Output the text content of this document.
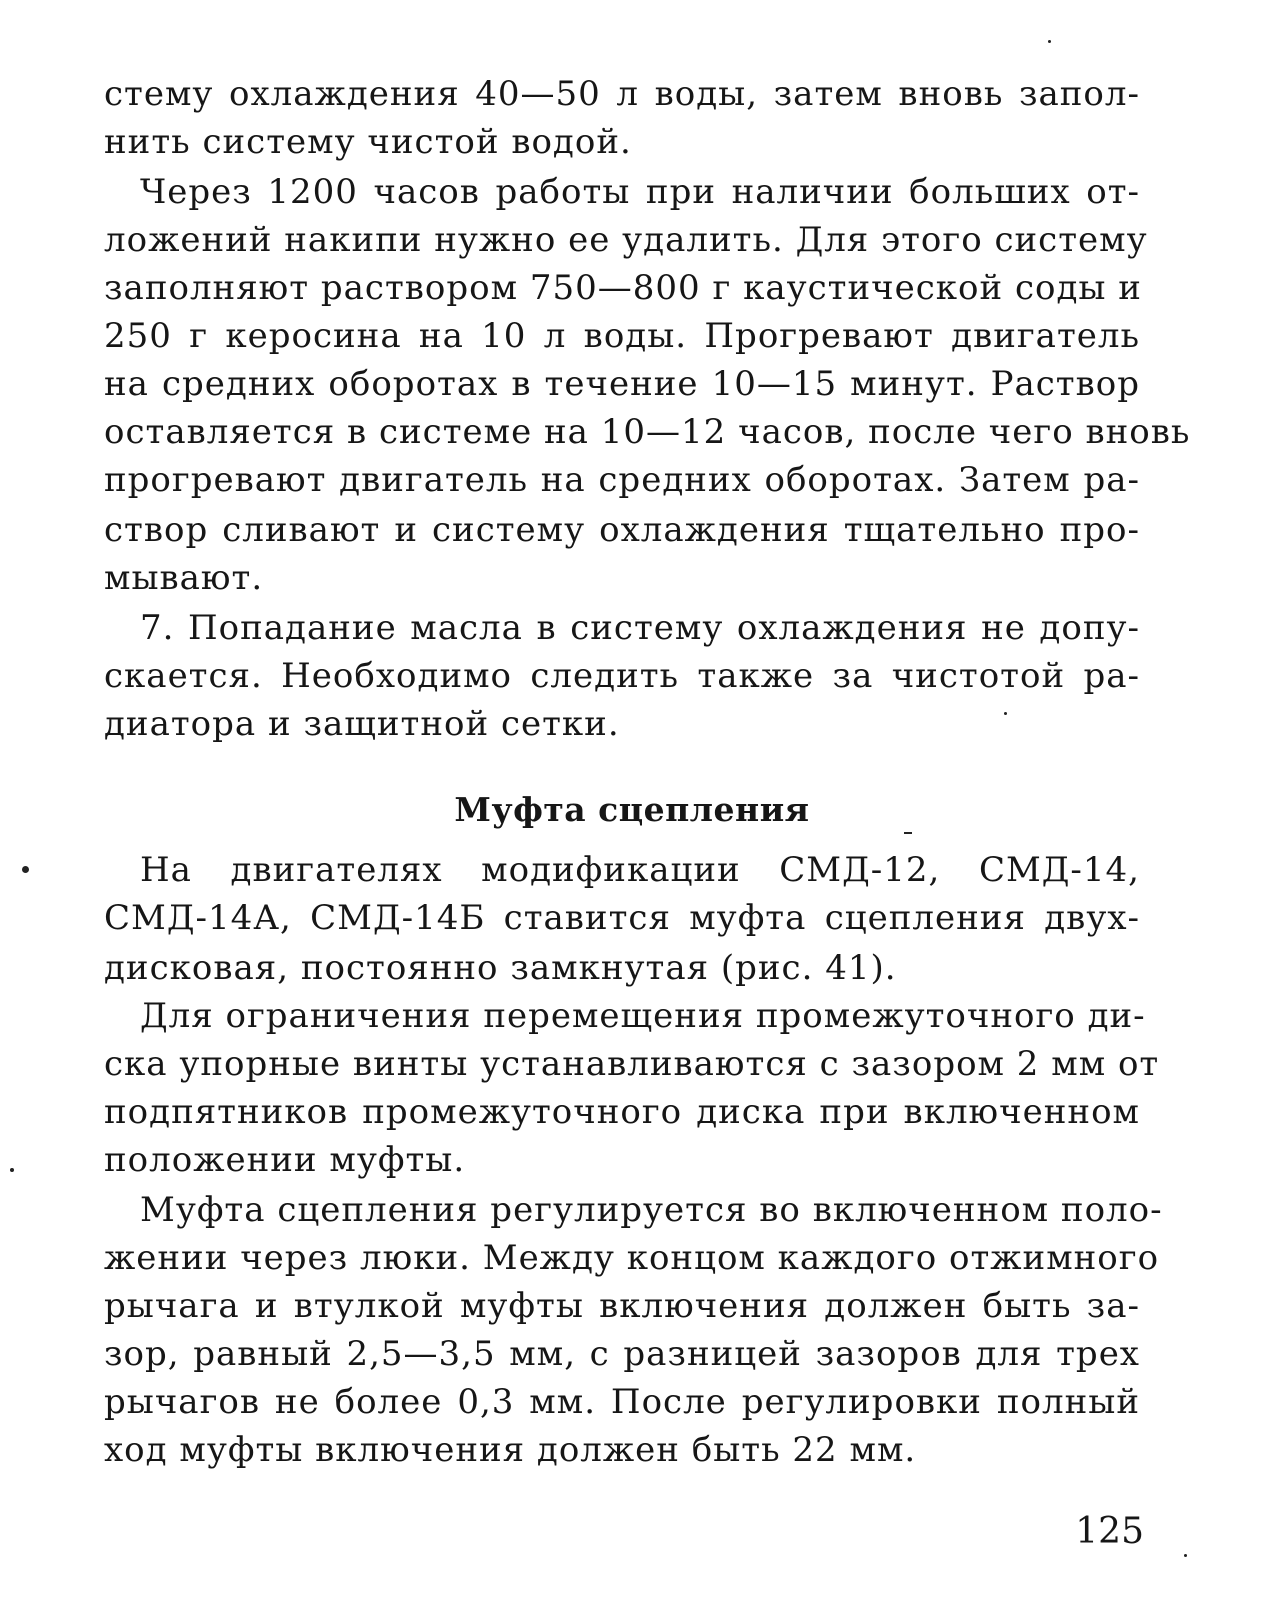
стему охлаждения 40—50 л воды, затем вновь запол-
нить систему чистой водой.
Через 1200 часов работы при наличии больших от-
ложений накипи нужно ее удалить. Для этого систему
заполняют раствором 750—800 г каустической соды и
250 г керосина на 10 л воды. Прогревают двигатель
на средних оборотах в течение 10—15 минут. Раствор
оставляется в системе на 10—12 часов, после чего вновь
прогревают двигатель на средних оборотах. Затем ра-
створ сливают и систему охлаждения тщательно про-
мывают.
7. Попадание масла в систему охлаждения не допу-
скается. Необходимо следить также за чистотой ра-
диатора и защитной сетки.
Муфта сцепления
На двигателях модификации СМД-12, СМД-14,
СМД-14А, СМД-14Б ставится муфта сцепления двух-
дисковая, постоянно замкнутая (рис. 41).
Для ограничения перемещения промежуточного ди-
ска упорные винты устанавливаются с зазором 2 мм от
подпятников промежуточного диска при включенном
положении муфты.
Муфта сцепления регулируется во включенном поло-
жении через люки. Между концом каждого отжимного
рычага и втулкой муфты включения должен быть за-
зор, равный 2,5—3,5 мм, с разницей зазоров для трех
рычагов не более 0,3 мм. После регулировки полный
ход муфты включения должен быть 22 мм.
125
